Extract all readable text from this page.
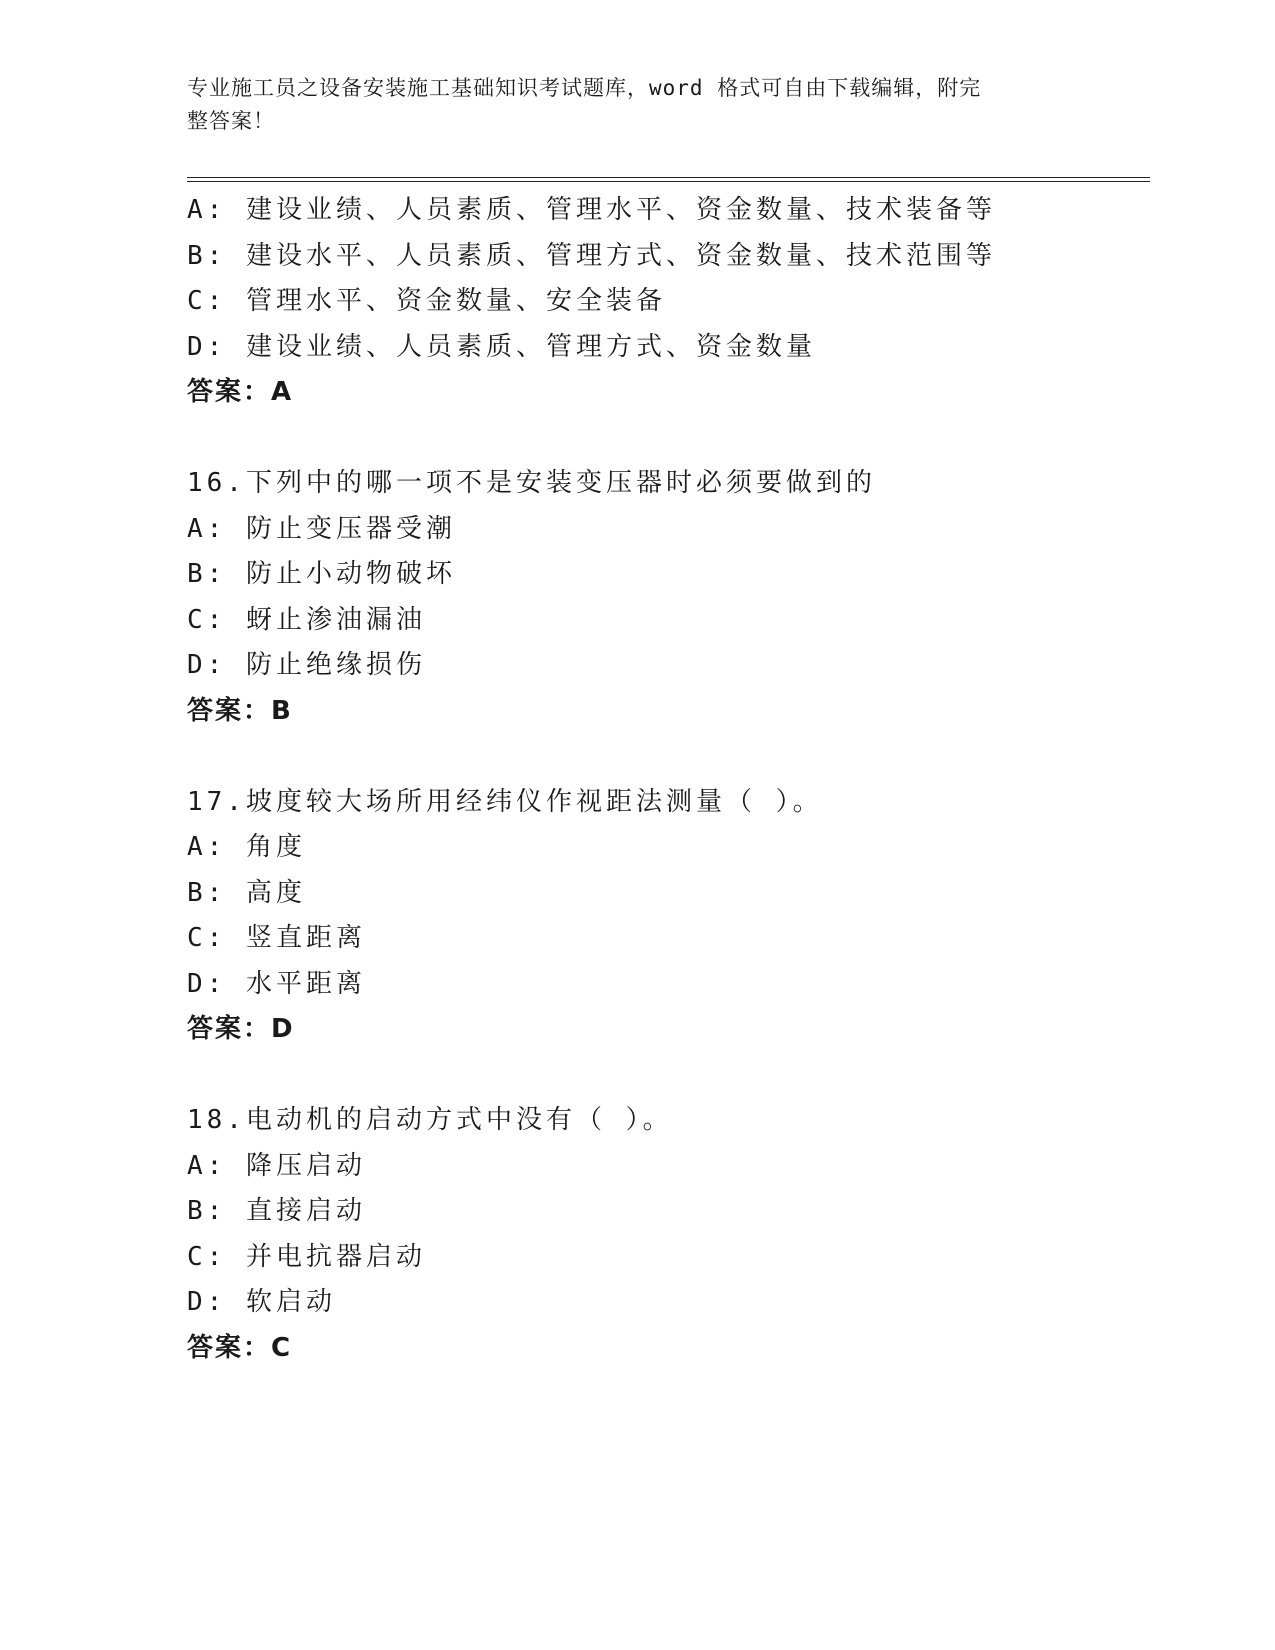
专业施工员之设备安装施工基础知识考试题库，word 格式可自由下载编辑，附完
整答案！
A: 建设业绩、人员素质、管理水平、资金数量、技术装备等
B: 建设水平、人员素质、管理方式、资金数量、技术范围等
C: 管理水平、资金数量、安全装备
D: 建设业绩、人员素质、管理方式、资金数量
答案：A
16.下列中的哪一项不是安装变压器时必须要做到的
A: 防止变压器受潮
B: 防止小动物破坏
C: 蚜止渗油漏油
D: 防止绝缘损伤
答案：B
17.坡度较大场所用经纬仪作视距法测量（ ）。
A: 角度
B: 高度
C: 竖直距离
D: 水平距离
答案：D
18.电动机的启动方式中没有（ ）。
A: 降压启动
B: 直接启动
C: 并电抗器启动
D: 软启动
答案：C
